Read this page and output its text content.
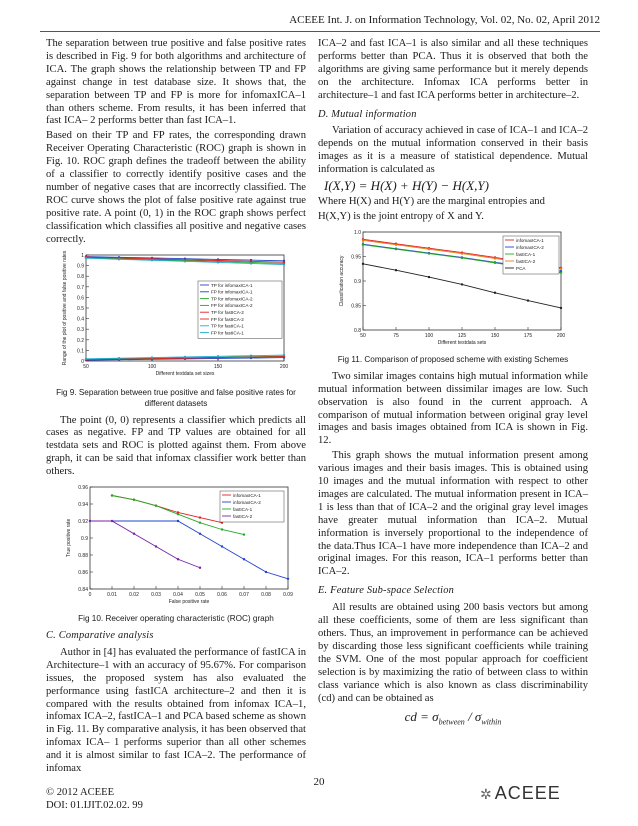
ACEEE Int. J. on Information Technology, Vol. 02, No. 02, April 2012

The separation between true positive and false positive rates is described in Fig. 9 for both algorithms and architecture of ICA. The graph shows the relationship between TP and FP against change in test database size. It shows that, the separation between TP and FP is more for infomaxICA–1 than others scheme. From results, it has been inferred that fast ICA– 2 performs better than fast ICA–1.

Based on their TP and FP rates, the corresponding drawn Receiver Operating Characteristic (ROC) graph is shown in Fig. 10. ROC graph defines the tradeoff between the ability of a classifier to correctly identify positive cases and the number of negative cases that are incorrectly classified. The ROC curve shows the plot of false positive rate against true positive rate. A point (0, 1) in the ROC graph shows perfect classification which classifies all positive and negative cases correctly.

0
0.1
0.2
0.3
0.4
0.5
0.6
0.7
0.8
0.9
1
50	100	150	200
Different testdata set sizes
Range of the plot of positive and false positive rates	TP for infomaxICA-1
FP for infomaxICA-1
TP for infomaxICA-2
FP for infomaxICA-2
TP for fastICA-2
FP for fastICA-2
TP for fastICA-1
FP for fastICA-1
Fig 9. Separation between true positive and false positive rates for different datasets

The point (0, 0) represents a classifier which predicts all cases as negative. FP and TP values are obtained for all testdata sets and ROC is plotted against them. From above graph, it can be said that infomax classifier work better than others.

0.84
0.86
0.88
0.9
0.92
0.94
0.96
0	0.01 0.02 0.03 0.04 0.05 0.06 0.07 0.08 0.09
False positive rate
True positive rate
infomaxICA-1
infomaxICA-2
fastICA-1
fastICA-2
Fig 10. Receiver operating characteristic (ROC) graph
C. Comparative analysis

Author in [4] has evaluated the performance of fastICA in Architecture–1 with an accuracy of 95.67%. For comparison issues, the proposed system has also evaluated the performance using fastICA architecture–2 and then it is compared with the results obtained from infomax ICA–1, infomax ICA–2, fastICA–1 and PCA based scheme as shown in Fig. 11. By comparative analysis, it has been observed that infomax ICA– 1 performs superior than all other schemes and it is almost similar to fast ICA–2. The performance of infomax

ICA–2 and fast ICA–1 is also similar and all these techniques performs better than PCA. Thus it is observed that both the algorithms are giving same performance but it merely depends on the architecture. Infomax ICA performs better in architecture–1 and fast ICA performs better in architecture–2.

D. Mutual information

Variation of accuracy achieved in case of ICA–1 and ICA–2 depends on the mutual information conserved in their basis images as it is a measure of statistical dependence. Mutual information is calculated as

I(X,Y) = H(X) + H(Y) − H(X,Y)

Where H(X) and H(Y) are the marginal entropies and

H(X,Y) is the joint entropy of X and Y.

0.8
0.85
0.9
0.95
1.0
50	75	100	125	150	175	200
Different testdata sets
Classification accuracy
infomaxICA-1
infomaxICA-2
fastICA-1
fastICA-2
PCA
Fig 11. Comparison of proposed scheme with existing Schemes

Two similar images contains high mutual information while mutual information between dissimilar images are low. Such observation is also found in the current approach. A comparison of mutual information between original gray level images and basis images obtained from ICA is shown in Fig. 12.

This graph shows the mutual information present among various images and their basis images. This is obtained using 10 images and the mutual information with respect to other images are calculated. The mutual information present in ICA–1 is less than that of ICA–2 and the original gray level images have greater mutual information than ICA–2. Mutual information is inversely proportional to the independence of the data.Thus ICA–1 have more independence than ICA–2 and original images. For this reason, ICA–1 performs better than ICA–2.

E. Feature Sub-space Selection

All results are obtained using 200 basis vectors but among all these coefficients, some of them are less significant than others. Thus, an improvement in performance can be achieved by discarding those less significant coefficients while training the SVM. One of the most popular approach for coefficient selection is by maximizing the ratio of between class to within class variance which is also known as class discriminability (cd) and can be obtained as

cd = $\sigma_{between} / \sigma_{within}$
20
© 2012 ACEEE
DOI: 01.IJIT.02.02. 99
✲ ACEEE
